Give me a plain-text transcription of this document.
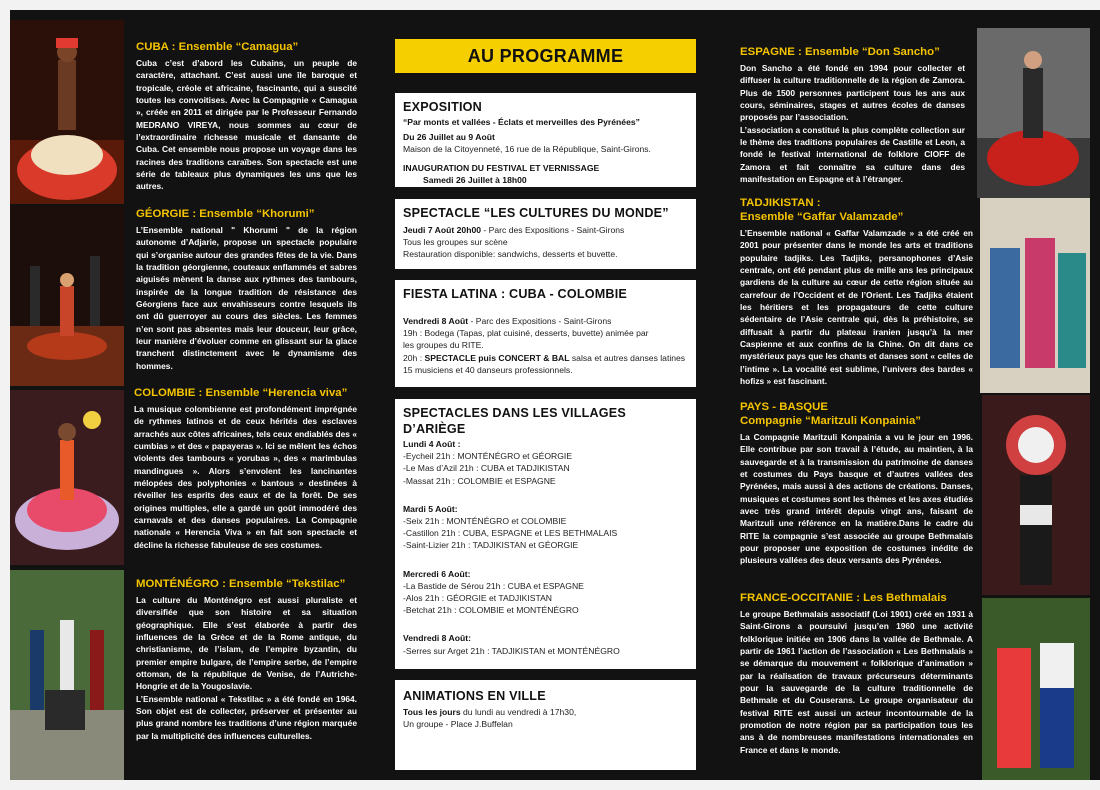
CUBA : Ensemble “Camagua”

Cuba c’est d’abord les Cubains, un peuple de caractère, attachant. C’est aussi une île baroque et tropicale, créole et africaine, fascinante, qui a suscité toutes les convoitises. Avec la Compagnie « Camagua », créée en 2011 et dirigée par le Professeur Fernando MEDRANO VIREYA, nous sommes au cœur de l’extraordinaire richesse musicale et dansante de Cuba. Cet ensemble nous propose un voyage dans les racines des traditions caraïbes. Son spectacle est une série de tableaux plus dynamiques les uns que les autres.

GÉORGIE : Ensemble “Khorumi”

L’Ensemble national " Khorumi " de la région autonome d’Adjarie, propose un spectacle populaire qui s’organise autour des grandes fêtes de la vie. Dans la tradition géorgienne, couteaux enflammés et sabres aiguisés mènent la danse aux rythmes des tambours, inspirée de la longue tradition de résistance des Géorgiens face aux envahisseurs contre lesquels ils ont dû guerroyer au cours des siècles. Les femmes n’en sont pas absentes mais leur douceur, leur grâce, leur manière d’évoluer comme en glissant sur la glace tranchent distinctement avec le dynamisme des hommes.

COLOMBIE : Ensemble “Herencia viva”

La musique colombienne est profondément imprégnée de rythmes latinos et de ceux hérités des esclaves arrachés aux côtes africaines, tels ceux endiablés des « cumbias » et des « papayeras ». Ici se mêlent les échos violents des tambours « yorubas », des « marimbulas mandingues ». Alors s’envolent les lancinantes mélopées des polyphonies « bantous » destinées à réveiller les esprits des eaux et de la forêt. De ses origines multiples, elle a gardé un goût immodéré des carnavals et des danses populaires. La Compagnie nationale « Herencia Viva » en fait son spectacle et décline la richesse fabuleuse de ses costumes.

MONTÉNÉGRO : Ensemble “Tekstilac”

La culture du Monténégro est aussi pluraliste et diversifiée que son histoire et sa situation géographique. Elle s’est élaborée à partir des influences de la Grèce et de la Rome antique, du christianisme, de l’islam, de l’empire byzantin, du premier empire bulgare, de l’empire serbe, de l’empire ottoman, de la république de Venise, de l’Autriche-Hongrie et de la Yougoslavie.

L’Ensemble national « Tekstilac » a été fondé en 1964. Son objet est de collecter, préserver et présenter au plus grand nombre les traditions d’une région marquée par la multiplicité des influences culturelles.

AU PROGRAMME
EXPOSITION
“Par monts et vallées - Éclats et merveilles des Pyrénées”
Du 26 Juillet au 9 Août
Maison de la Citoyenneté, 16 rue de la République, Saint-Girons.
INAUGURATION DU FESTIVAL ET VERNISSAGE
Samedi 26 Juillet à 18h00
SPECTACLE “LES CULTURES DU MONDE”
Jeudi 7 Août 20h00 - Parc des Expositions - Saint-Girons
Tous les groupes sur scène
Restauration disponible: sandwichs, desserts et buvette.
FIESTA LATINA : CUBA - COLOMBIE
Vendredi 8 Août - Parc des Expositions - Saint-Girons
19h : Bodega (Tapas, plat cuisiné, desserts, buvette) animée par
les groupes du RITE.
20h : SPECTACLE puis CONCERT & BAL salsa et autres danses latines
15 musiciens et 40 danseurs professionnels.
SPECTACLES DANS LES VILLAGES D’ARIÈGE
Lundi 4 Août :
-Eycheil 21h : MONTÉNÉGRO et GÉORGIE
-Le Mas d’Azil 21h : CUBA et TADJIKISTAN
-Massat 21h : COLOMBIE et ESPAGNE
Mardi 5 Août:
-Seix 21h : MONTÉNÉGRO et COLOMBIE
-Castillon 21h : CUBA, ESPAGNE et LES BETHMALAIS
-Saint-Lizier 21h : TADJIKISTAN et GÉORGIE
Mercredi 6 Août:
-La Bastide de Sérou 21h : CUBA et ESPAGNE
-Alos 21h : GÉORGIE et TADJIKISTAN
-Betchat 21h : COLOMBIE et MONTÉNÉGRO
Vendredi 8 Août:
-Serres sur Arget 21h : TADJIKISTAN et MONTÉNÉGRO
ANIMATIONS EN VILLE
Tous les jours du lundi au vendredi à 17h30,
Un groupe - Place J.Buffelan
ESPAGNE : Ensemble “Don Sancho”

Don Sancho a été fondé en 1994 pour collecter et diffuser la culture traditionnelle de la région de Zamora. Plus de 1500 personnes participent tous les ans aux cours, séminaires, stages et autres écoles de danses proposés par l’association.

L’association a constitué la plus complète collection sur le thème des traditions populaires de Castille et Leon, a fondé le festival international de folklore CIOFF de Zamora et fait connaître sa culture dans des manifestation en Espagne et à l’étranger.

TADJIKISTAN :
Ensemble “Gaffar Valamzade”

L’Ensemble national « Gaffar Valamzade » a été créé en 2001 pour présenter dans le monde les arts et traditions populaire tadjiks. Les Tadjiks, persanophones d’Asie centrale, ont été pendant plus de mille ans les principaux gardiens de la culture au cœur de cette région située au carrefour de l’Occident et de l’Orient. Les Tadjiks étaient les héritiers et les propagateurs de cette culture sédentaire de l’Asie centrale qui, dès la préhistoire, se diffusait à partir du plateau iranien jusqu’à la mer Caspienne et aux confins de la Chine. On dit dans ce mystérieux pays que les chants et danses sont « celles de l’intime ». La vocalité est sublime, l’univers des bardes « hofizs » est fascinant.

PAYS - BASQUE
Compagnie “Maritzuli Konpainia”

La Compagnie Maritzuli Konpainia a vu le jour en 1996. Elle contribue par son travail à l’étude, au maintien, à la sauvegarde et à la transmission du patrimoine de danses et costumes du Pays basque et d’autres vallées des Pyrénées, mais aussi à des actions de créations. Danses, musiques et costumes sont les thèmes et les axes étudiés avec très grand intérêt depuis vingt ans, faisant de Maritzuli une référence en la matière.Dans le cadre du RITE la compagnie s’est associée au groupe Bethmalais pour proposer une exposition de costumes inédite de plusieurs vallées des deux versants des Pyrénées.

FRANCE-OCCITANIE : Les Bethmalais

Le groupe Bethmalais associatif (Loi 1901) créé en 1931 à Saint-Girons a poursuivi jusqu’en 1960 une activité folklorique initiée en 1906 dans la vallée de Bethmale. A partir de 1961 l’action de l’association « Les Bethmalais » se démarque du mouvement « folklorique d’animation » par la réalisation de travaux précurseurs déterminants pour la sauvegarde de la culture traditionnelle de Bethmale et du Couserans. Le groupe organisateur du festival RITE est aussi un acteur incontournable de la promotion de notre région par sa participation tous les ans à de nombreuses manifestations internationales en France et dans le monde.
